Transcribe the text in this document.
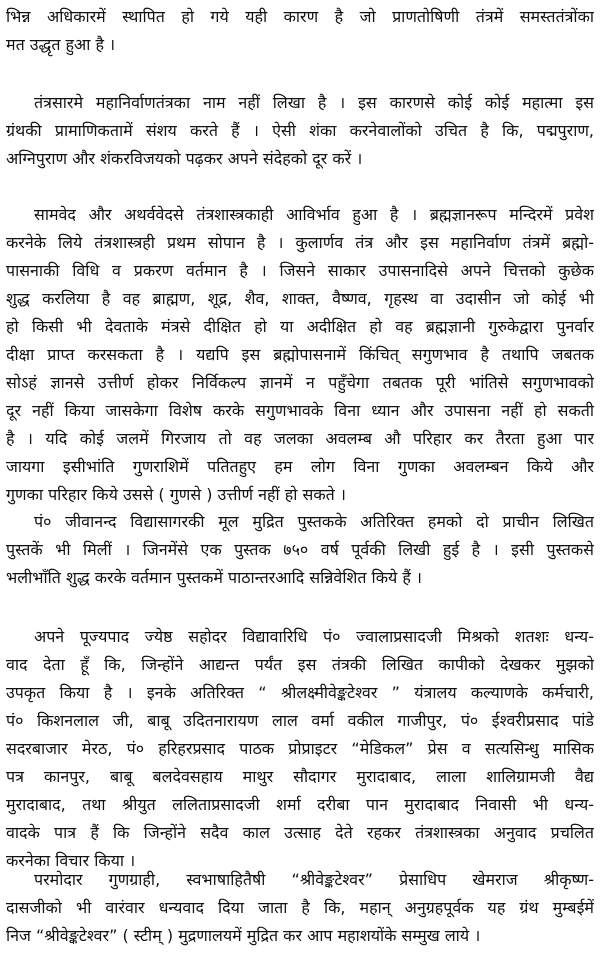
भिन्न अधिकारमें स्थापित हो गये यही कारण है जो प्राणतोषिणी तंत्रमें समस्ततंत्रोंका
मत उद्धृत हुआ है ।
तंत्रसारमे महानिर्वाणतंत्रका नाम नहीं लिखा है । इस कारणसे कोई कोई महात्मा इस
ग्रंथकी प्रामाणिकतामें संशय करते हैं । ऐसी शंका करनेवालोंको उचित है कि, पद्मपुराण,
अग्निपुराण और शंकरविजयको पढ़कर अपने संदेहको दूर करें ।
सामवेद और अथर्ववेदसे तंत्रशास्त्रकाही आविर्भाव हुआ है । ब्रह्मज्ञानरूप मन्दिरमें प्रवेश
करनेके लिये तंत्रशास्त्रही प्रथम सोपान है । कुलार्णव तंत्र और इस महानिर्वाण तंत्रमें ब्रह्मो-
पासनाकी विधि व प्रकरण वर्तमान है । जिसने साकार उपासनादिसे अपने चित्तको कुछेक
शुद्ध करलिया है वह ब्राह्मण, शूद्र, शैव, शाक्त, वैष्णव, गृहस्थ वा उदासीन जो कोई भी
हो किसी भी देवताके मंत्रसे दीक्षित हो या अदीक्षित हो वह ब्रह्मज्ञानी गुरुकेद्वारा पुनर्वार
दीक्षा प्राप्त करसकता है । यद्यपि इस ब्रह्मोपासनामें किंचित् सगुणभाव है तथापि जबतक
सोऽहं ज्ञानसे उत्तीर्ण होकर निर्विकल्प ज्ञानमें न पहुँचेगा तबतक पूरी भांतिसे सगुणभावको
दूर नहीं किया जासकेगा विशेष करके सगुणभावके विना ध्यान और उपासना नहीं हो सकती
है । यदि कोई जलमें गिरजाय तो वह जलका अवलम्ब औ परिहार कर तैरता हुआ पार
जायगा इसीभांति गुणराशिमें पतितहुए हम लोग विना गुणका अवलम्बन किये और
गुणका परिहार किये उससे ( गुणसे ) उत्तीर्ण नहीं हो सकते ।
पं० जीवानन्द विद्यासागरकी मूल मुद्रित पुस्तकके अतिरिक्त हमको दो प्राचीन लिखित
पुस्तकें भी मिलीं । जिनमेंसे एक पुस्तक ७५० वर्ष पूर्वकी लिखी हुई है । इसी पुस्तकसे
भलीभाँति शुद्ध करके वर्तमान पुस्तकमें पाठान्तरआदि सन्निवेशित किये हैं ।
अपने पूज्यपाद ज्येष्ठ सहोदर विद्यावारिधि पं० ज्वालाप्रसादजी मिश्रको शतशः धन्य-
वाद देता हूँ कि, जिन्होंने आद्यन्त पर्यंत इस तंत्रकी लिखित कापीको देखकर मुझको
उपकृत किया है । इनके अतिरिक्त “ श्रीलक्ष्मीवेङ्कटेश्वर ” यंत्रालय कल्याणके कर्मचारी,
पं० किशनलाल जी, बाबू उदितनारायण लाल वर्मा वकील गाजीपुर, पं० ईश्वरीप्रसाद पांडे
सदरबाजार मेरठ, पं० हरिहरप्रसाद पाठक प्रोप्राइटर “मेडिकल” प्रेस व सत्यसिन्धु मासिक
पत्र कानपुर, बाबू बलदेवसहाय माथुर सौदागर मुरादाबाद, लाला शालिग्रामजी वैद्य
मुरादाबाद, तथा श्रीयुत ललिताप्रसादजी शर्मा दरीबा पान मुरादाबाद निवासी भी धन्य-
वादके पात्र हैं कि जिन्होंने सदैव काल उत्साह देते रहकर तंत्रशास्त्रका अनुवाद प्रचलित
करनेका विचार किया ।
परमोदार गुणग्राही, स्वभाषाहितैषी “श्रीवेङ्कटेश्वर” प्रेसाधिप खेमराज श्रीकृष्ण-
दासजीको भी वारंवार धन्यवाद दिया जाता है कि, महान् अनुग्रहपूर्वक यह ग्रंथ मुम्बईमें
निज “श्रीवेङ्कटेश्वर” ( स्टीम् ) मुद्रणालयमें मुद्रित कर आप महाशयोंके सम्मुख लाये ।
